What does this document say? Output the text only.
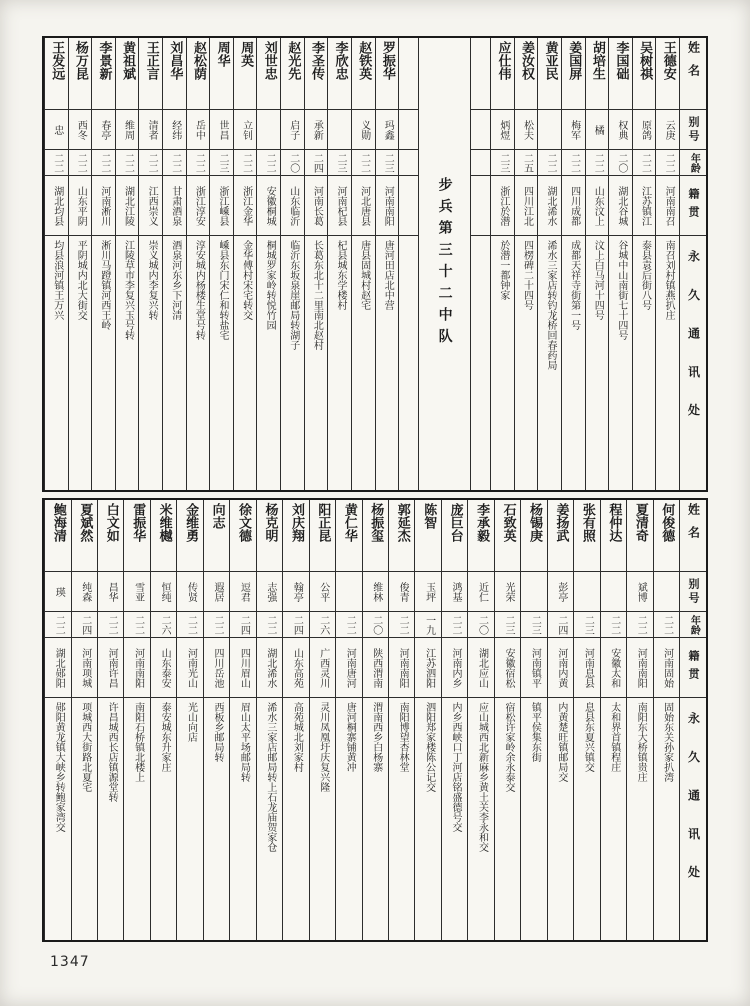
姓名
别号
年龄
籍贯
永久通讯处
王德安
云庚
二二
河南南召
南召刘村镇燕扒庄
吴树祺
原鸽
二二
江苏镇江
泰县袁后街八号
李国础
权典
二〇
湖北谷城
谷城中山南街七十四号
胡培生
橘
二二
山东汶上
汶上白马河十四号
姜国屏
梅军
二二
四川成都
成都天祥寺街第一号
黄亚民
二二
湖北浠水
浠水三家店转钓龙桥回春药局
姜汝权
松夫
二五
四川江北
四楞碑二十四号
应仕伟
炳煜
二三
浙江於潜
於潜一都钟家
步兵第三十二中队
罗振华
玛鑫
二三
河南南阳
唐河田店北中营
赵铁英
义勋
二二
河北唐县
唐县固城村赵宅
李欣忠
二三
河南杞县
杞县城东学楼村
李圣传
承新
二四
河南长葛
长葛东北十二里南北赵村
赵光先
启子
二〇
山东临沂
临沂东坂泉崖邮局转湖子
刘世忠
二二
安徽桐城
桐城罗家岭转悦竹园
周英
立钊
二二
浙江金华
金华傅村宋宅转交
周华
世昌
二三
浙江嵊县
嵊县东门宋仁和转盐宅
赵松荫
岳中
二二
浙江淳安
淳安城内杨楼生堂号转
刘昌华
经纬
二二
甘肃酒泉
酒泉河东乡下河清
王正言
清者
二二
江西崇义
崇义城内李复兴转
黄祖斌
维周
二二
湖北江陵
江陵草市李复兴玉号转
李景新
春亭
二二
河南淅川
淅川马蹬镇河西王岭
杨万昆
西冬
二二
山东平阴
平阴城内北大街交
王发远
忠
二二
湖北均县
均县浪河镇王万兴
姓名
别号
年龄
籍贯
永久通讯处
何俊德
二二
河南固始
固始东关孙家扒湾
夏清奇
斌博
二二
河南南阳
南阳东大桥镇贵庄
程仲达
二二
安徽太和
太和界首镇程庄
张有照
二三
河南息县
息县东夏兴镇交
姜扬武
彭亭
二四
河南内黄
内黄楚旺镇邮局交
杨锡庚
二三
河南镇平
镇平侯集东街
石致英
光荣
二三
安徽宿松
宿松许家岭余永泰交
李承毅
近仁
二〇
湖北应山
应山城西北新麻乡黄土关李永和交
庞巨台
鸿基
二二
河南内乡
内乡西峡口丁河店铭盛德号交
陈智
玉坪
一九
江苏泗阳
泗阳郑家楼陈公记交
郭延杰
俊青
二二
河南南阳
南阳博望杏林堂
杨振玺
维林
二〇
陕西渭南
渭南西乡白杨寨
黄仁华
二二
河南唐河
唐河桐寨铺黄冲
阳正昆
公平
二六
广西灵川
灵川凤凰圩庆复兴隆
刘庆翔
翰亭
二四
山东高苑
高苑城北刘家村
杨克明
志强
二二
湖北浠水
浠水三家店邮局转上石龙庙贺家仓
徐文德
逗君
二四
四川眉山
眉山太平场邮局转
向志
遐居
二二
四川岳池
西板乡邮局转
金维勇
传贤
二二
河南光山
光山向店
米维樾
恒纯
二六
山东泰安
泰安城东升家庄
雷振华
雪亚
二二
河南南阳
南阳石桥镇北楼上
白文如
昌华
二二
河南许昌
许昌城西长店镇源堂转
夏斌然
纯森
二四
河南项城
项城西大街路北夏宅
鲍海清
瑛
二二
湖北郧阳
郧阳黄龙镇大峡乡转鲍家湾交
1347
